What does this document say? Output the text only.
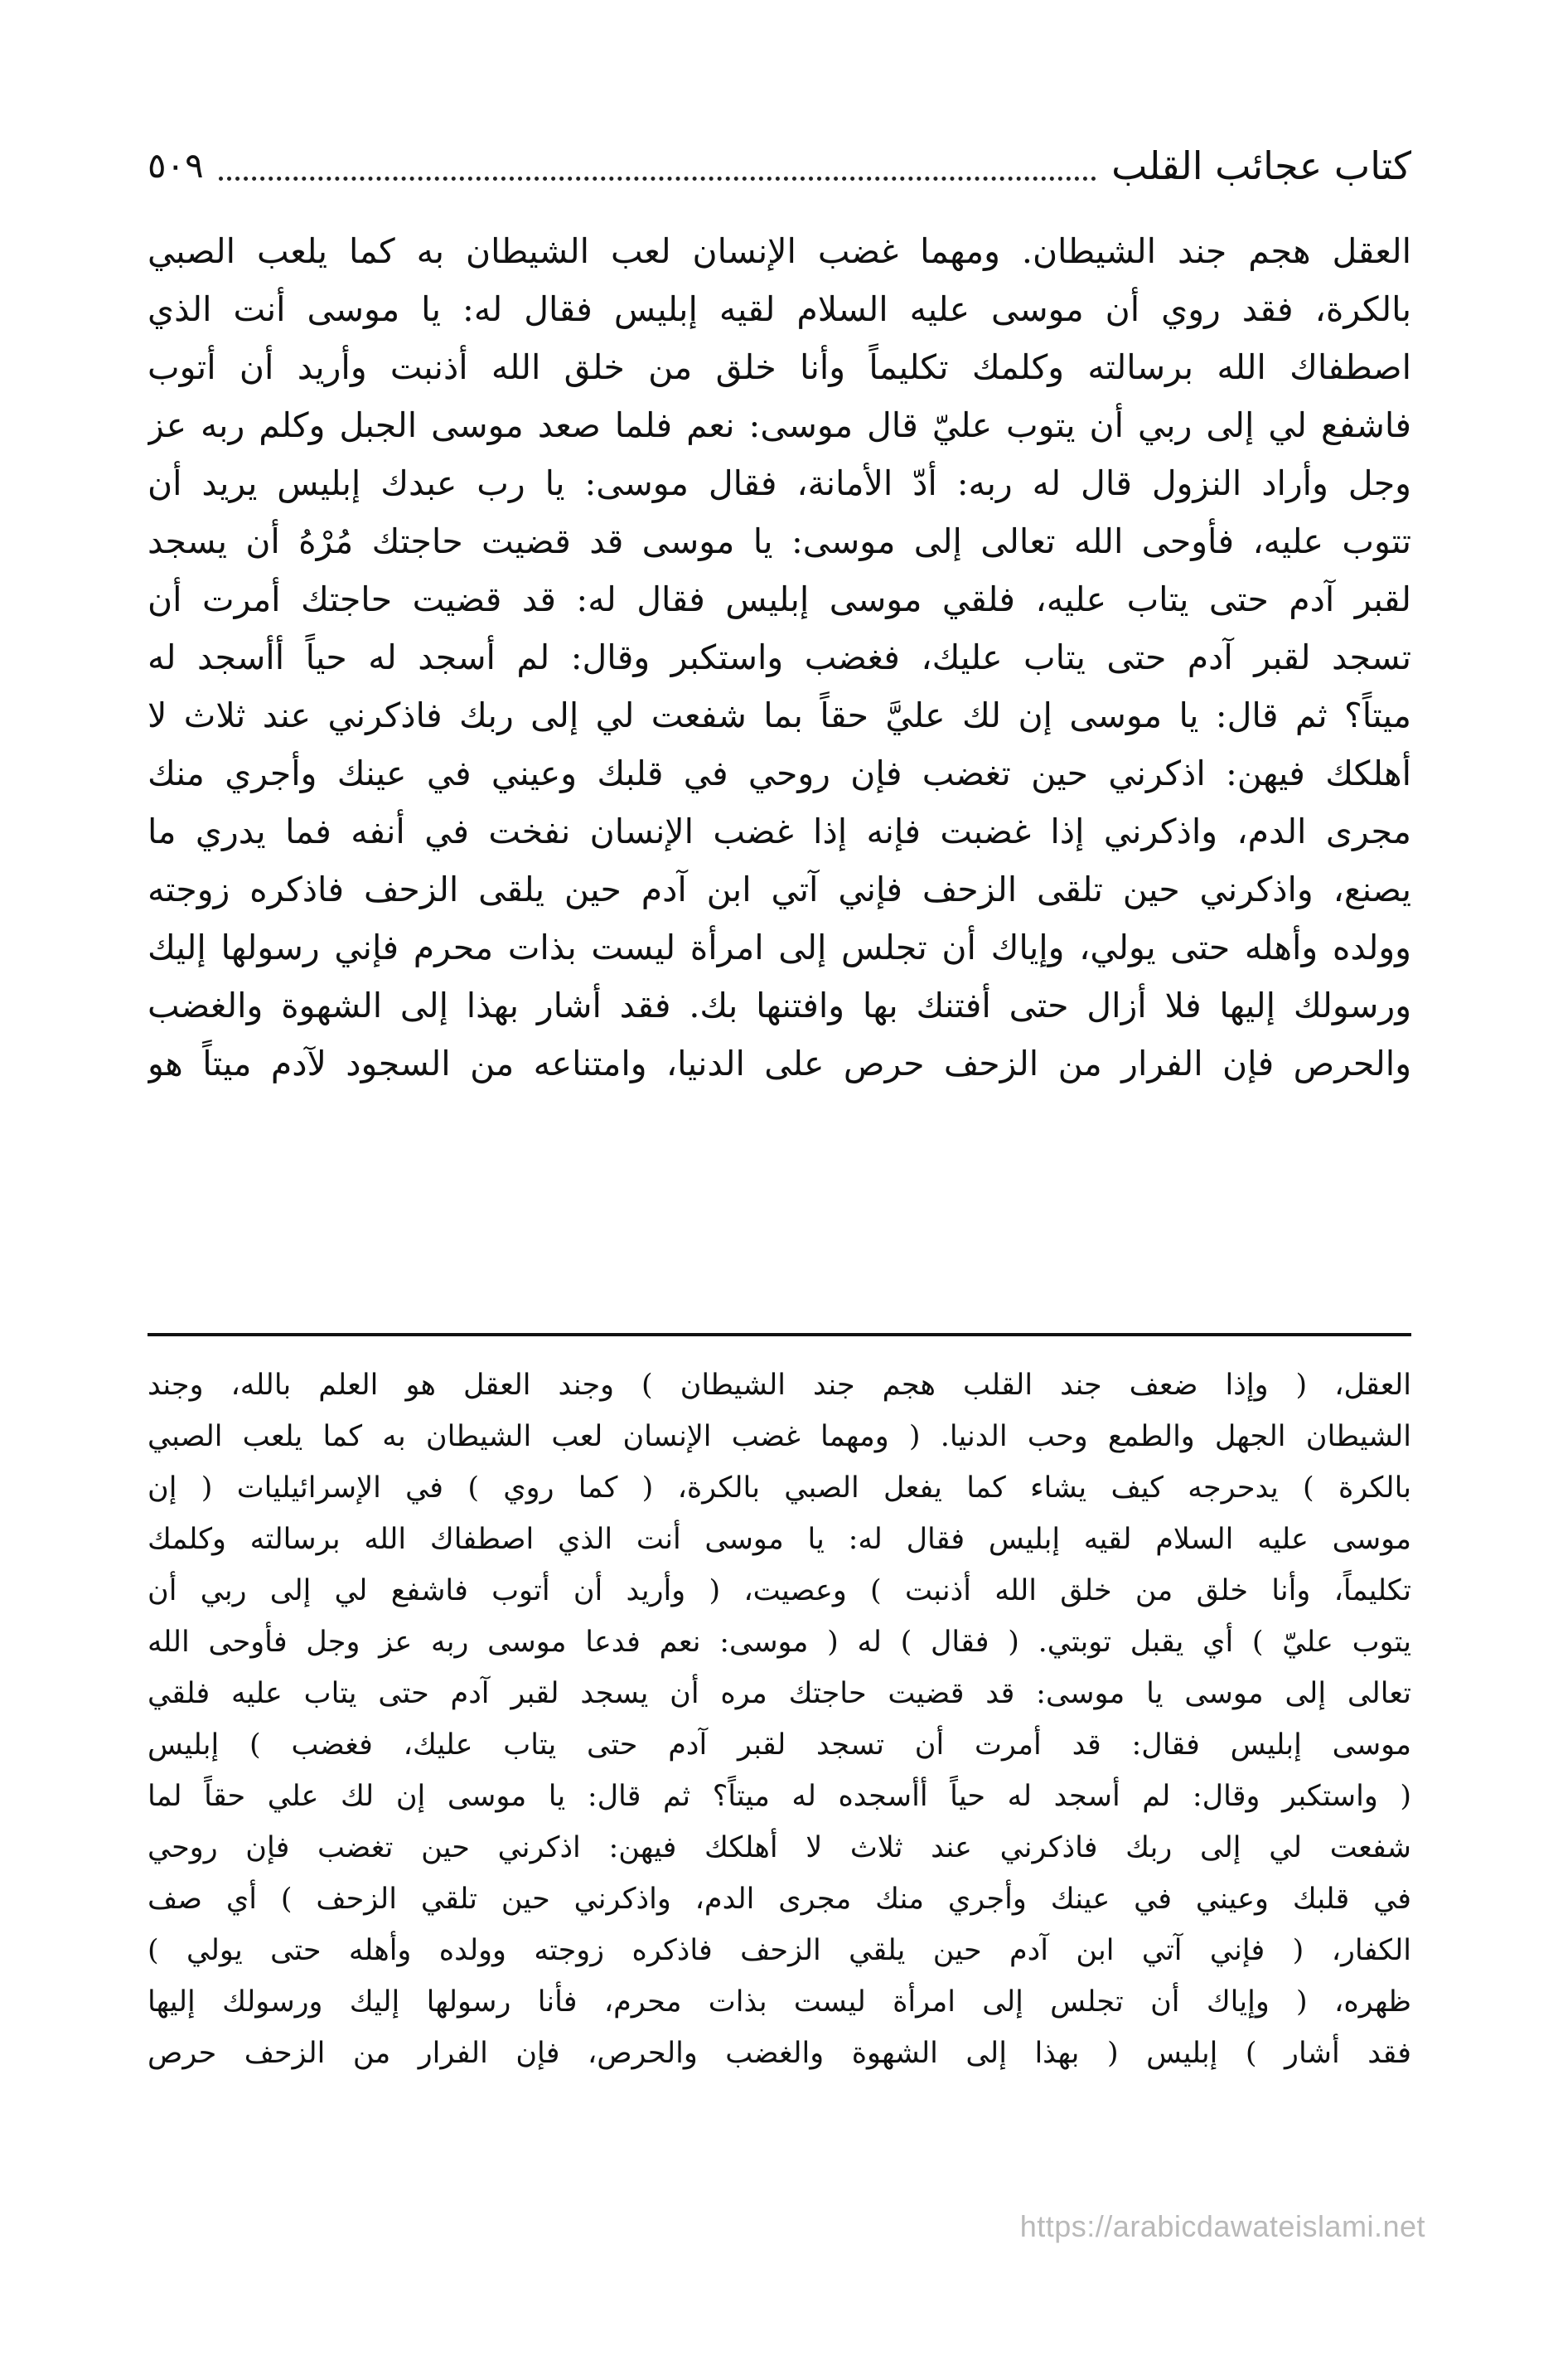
٥٠٩	كتاب عجائب القلب
العقل هجم جند الشيطان. ومهما غضب الإنسان لعب الشيطان به كما يلعب الصبي
بالكرة، فقد روي أن موسى عليه السلام لقيه إبليس فقال له: يا موسى أنت الذي
اصطفاك الله برسالته وكلمك تكليماً وأنا خلق من خلق الله أذنبت وأريد أن أتوب
فاشفع لي إلى ربي أن يتوب عليّ قال موسى: نعم فلما صعد موسى الجبل وكلم ربه عز
وجل وأراد النزول قال له ربه: أدّ الأمانة، فقال موسى: يا رب عبدك إبليس يريد أن
تتوب عليه، فأوحى الله تعالى إلى موسى: يا موسى قد قضيت حاجتك مُرْهُ أن يسجد
لقبر آدم حتى يتاب عليه، فلقي موسى إبليس فقال له: قد قضيت حاجتك أمرت أن
تسجد لقبر آدم حتى يتاب عليك، فغضب واستكبر وقال: لم أسجد له حياً أأسجد له
ميتاً؟ ثم قال: يا موسى إن لك عليَّ حقاً بما شفعت لي إلى ربك فاذكرني عند ثلاث لا
أهلكك فيهن: اذكرني حين تغضب فإن روحي في قلبك وعيني في عينك وأجري منك
مجرى الدم، واذكرني إذا غضبت فإنه إذا غضب الإنسان نفخت في أنفه فما يدري ما
يصنع، واذكرني حين تلقى الزحف فإني آتي ابن آدم حين يلقى الزحف فاذكره زوجته
وولده وأهله حتى يولي، وإياك أن تجلس إلى امرأة ليست بذات محرم فإني رسولها إليك
ورسولك إليها فلا أزال حتى أفتنك بها وافتنها بك. فقد أشار بهذا إلى الشهوة والغضب
والحرص فإن الفرار من الزحف حرص على الدنيا، وامتناعه من السجود لآدم ميتاً هو
العقل، ( وإذا ضعف جند القلب هجم جند الشيطان ) وجند العقل هو العلم بالله، وجند
الشيطان الجهل والطمع وحب الدنيا. ( ومهما غضب الإنسان لعب الشيطان به كما يلعب الصبي
بالكرة ) يدحرجه كيف يشاء كما يفعل الصبي بالكرة، ( كما روي ) في الإسرائيليات ( إن
موسى عليه السلام لقيه إبليس فقال له: يا موسى أنت الذي اصطفاك الله برسالته وكلمك
تكليماً، وأنا خلق من خلق الله أذنبت ) وعصيت، ( وأريد أن أتوب فاشفع لي إلى ربي أن
يتوب عليّ ) أي يقبل توبتي. ( فقال ) له ( موسى: نعم فدعا موسى ربه عز وجل فأوحى الله
تعالى إلى موسى يا موسى: قد قضيت حاجتك مره أن يسجد لقبر آدم حتى يتاب عليه فلقي
موسى إبليس فقال: قد أمرت أن تسجد لقبر آدم حتى يتاب عليك، فغضب ) إبليس
( واستكبر وقال: لم أسجد له حياً أأسجده له ميتاً؟ ثم قال: يا موسى إن لك علي حقاً لما
شفعت لي إلى ربك فاذكرني عند ثلاث لا أهلكك فيهن: اذكرني حين تغضب فإن روحي
في قلبك وعيني في عينك وأجري منك مجرى الدم، واذكرني حين تلقي الزحف ) أي صف
الكفار، ( فإني آتي ابن آدم حين يلقي الزحف فاذكره زوجته وولده وأهله حتى يولي )
ظهره، ( وإياك أن تجلس إلى امرأة ليست بذات محرم، فأنا رسولها إليك ورسولك إليها
فقد أشار ) إبليس ( بهذا إلى الشهوة والغضب والحرص، فإن الفرار من الزحف حرص
https://arabicdawateislami.net
